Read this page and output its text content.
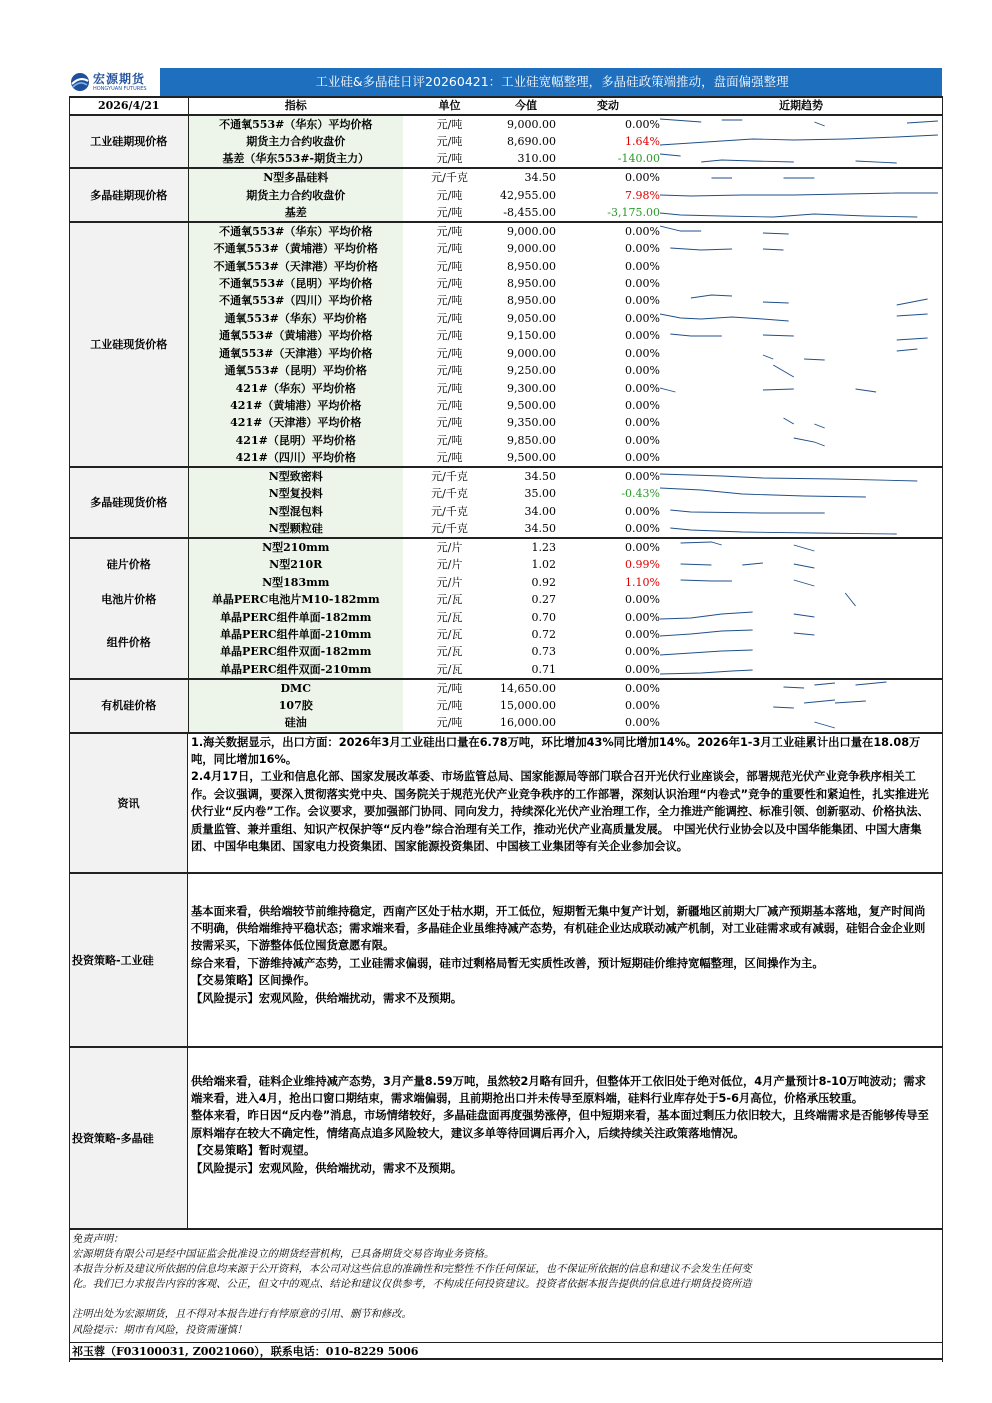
宏源期货
HONGYUAN FUTURES	工业硅&多晶硅日评20260421：工业硅宽幅整理，多晶硅政策端推动，盘面偏强整理
2026/4/21	指标	单位	今值	变动	近期趋势
工业硅期现价格	不通氧553#（华东）平均价格	元/吨	9,000.00	0.00%	

	期货主力合约收盘价	元/吨	8,690.00	1.64%	

	基差（华东553#-期货主力）	元/吨	310.00	-140.00	

多晶硅期现价格	N型多晶硅料	元/千克	34.50	0.00%	

	期货主力合约收盘价	元/吨	42,955.00	7.98%	

	基差	元/吨	-8,455.00	-3,175.00	

工业硅现货价格	不通氧553#（华东）平均价格	元/吨	9,000.00	0.00%	

	不通氧553#（黄埔港）平均价格	元/吨	9,000.00	0.00%	

	不通氧553#（天津港）平均价格	元/吨	8,950.00	0.00%	

	不通氧553#（昆明）平均价格	元/吨	8,950.00	0.00%	

	不通氧553#（四川）平均价格	元/吨	8,950.00	0.00%	

	通氧553#（华东）平均价格	元/吨	9,050.00	0.00%	

	通氧553#（黄埔港）平均价格	元/吨	9,150.00	0.00%	

	通氧553#（天津港）平均价格	元/吨	9,000.00	0.00%	

	通氧553#（昆明）平均价格	元/吨	9,250.00	0.00%	

	421#（华东）平均价格	元/吨	9,300.00	0.00%	

	421#（黄埔港）平均价格	元/吨	9,500.00	0.00%	

	421#（天津港）平均价格	元/吨	9,350.00	0.00%	

	421#（昆明）平均价格	元/吨	9,850.00	0.00%	

	421#（四川）平均价格	元/吨	9,500.00	0.00%	

多晶硅现货价格	N型致密料	元/千克	34.50	0.00%	

	N型复投料	元/千克	35.00	-0.43%	

	N型混包料	元/千克	34.00	0.00%	

	N型颗粒硅	元/千克	34.50	0.00%	

硅片价格	N型210mm	元/片	1.23	0.00%	

	N型210R	元/片	1.02	0.99%	

	N型183mm	元/片	0.92	1.10%	

电池片价格	单晶PERC电池片M10-182mm	元/瓦	0.27	0.00%	

组件价格	单晶PERC组件单面-182mm	元/瓦	0.70	0.00%	

	单晶PERC组件单面-210mm	元/瓦	0.72	0.00%	

	单晶PERC组件双面-182mm	元/瓦	0.73	0.00%	

	单晶PERC组件双面-210mm	元/瓦	0.71	0.00%	

有机硅价格	DMC	元/吨	14,650.00	0.00%	

	107胶	元/吨	15,000.00	0.00%	

	硅油	元/吨	16,000.00	0.00%	
资讯
1.海关数据显示，出口方面：2026年3月工业硅出口量在6.78万吨，环比增加43%同比增加14%。2026年1-3月工业硅累计出口量在18.08万吨，同比增加16%。
2.4月17日，工业和信息化部、国家发展改革委、市场监管总局、国家能源局等部门联合召开光伏行业座谈会，部署规范光伏产业竞争秩序相关工作。会议强调，要深入贯彻落实党中央、国务院关于规范光伏产业竞争秩序的工作部署，深刻认识治理“内卷式”竞争的重要性和紧迫性，扎实推进光伏行业“反内卷”工作。会议要求，要加强部门协同、同向发力，持续深化光伏产业治理工作，全力推进产能调控、标准引领、创新驱动、价格执法、质量监管、兼并重组、知识产权保护等“反内卷”综合治理有关工作，推动光伏产业高质量发展。 中国光伏行业协会以及中国华能集团、中国大唐集团、中国华电集团、国家电力投资集团、国家能源投资集团、中国核工业集团等有关企业参加会议。
投资策略-工业硅
基本面来看，供给端较节前维持稳定，西南产区处于枯水期，开工低位，短期暂无集中复产计划，新疆地区前期大厂减产预期基本落地，复产时间尚不明确，供给端维持平稳状态；需求端来看，多晶硅企业虽维持减产态势，有机硅企业达成联动减产机制，对工业硅需求或有减弱，硅铝合金企业则按需采买，下游整体低位囤货意愿有限。
综合来看，下游维持减产态势，工业硅需求偏弱，硅市过剩格局暂无实质性改善，预计短期硅价维持宽幅整理，区间操作为主。
【交易策略】区间操作。
【风险提示】宏观风险，供给端扰动，需求不及预期。
投资策略-多晶硅
供给端来看，硅料企业维持减产态势，3月产量8.59万吨，虽然较2月略有回升，但整体开工依旧处于绝对低位，4月产量预计8-10万吨波动；需求端来看，进入4月，抢出口窗口期结束，需求端偏弱，且前期抢出口并未传导至原料端，硅料行业库存处于5-6月高位，价格承压较重。
整体来看，昨日因“反内卷”消息，市场情绪较好，多晶硅盘面再度强势涨停，但中短期来看，基本面过剩压力依旧较大，且终端需求是否能够传导至原料端存在较大不确定性，情绪高点追多风险较大，建议多单等待回调后再介入，后续持续关注政策落地情况。
【交易策略】暂时观望。
【风险提示】宏观风险，供给端扰动，需求不及预期。

免责声明：

宏源期货有限公司是经中国证监会批准设立的期货经营机构，已具备期货交易咨询业务资格。

本报告分析及建议所依据的信息均来源于公开资料，本公司对这些信息的准确性和完整性不作任何保证，也不保证所依据的信息和建议不会发生任何变

化。我们已力求报告内容的客观、公正，但文中的观点、结论和建议仅供参考，不构成任何投资建议。投资者依据本报告提供的信息进行期货投资所造

注明出处为宏源期货，且不得对本报告进行有悖原意的引用、删节和修改。

风险提示：期市有风险，投资需谨慎！

祁玉蓉（F03100031, Z0021060），联系电话：010-8229 5006
